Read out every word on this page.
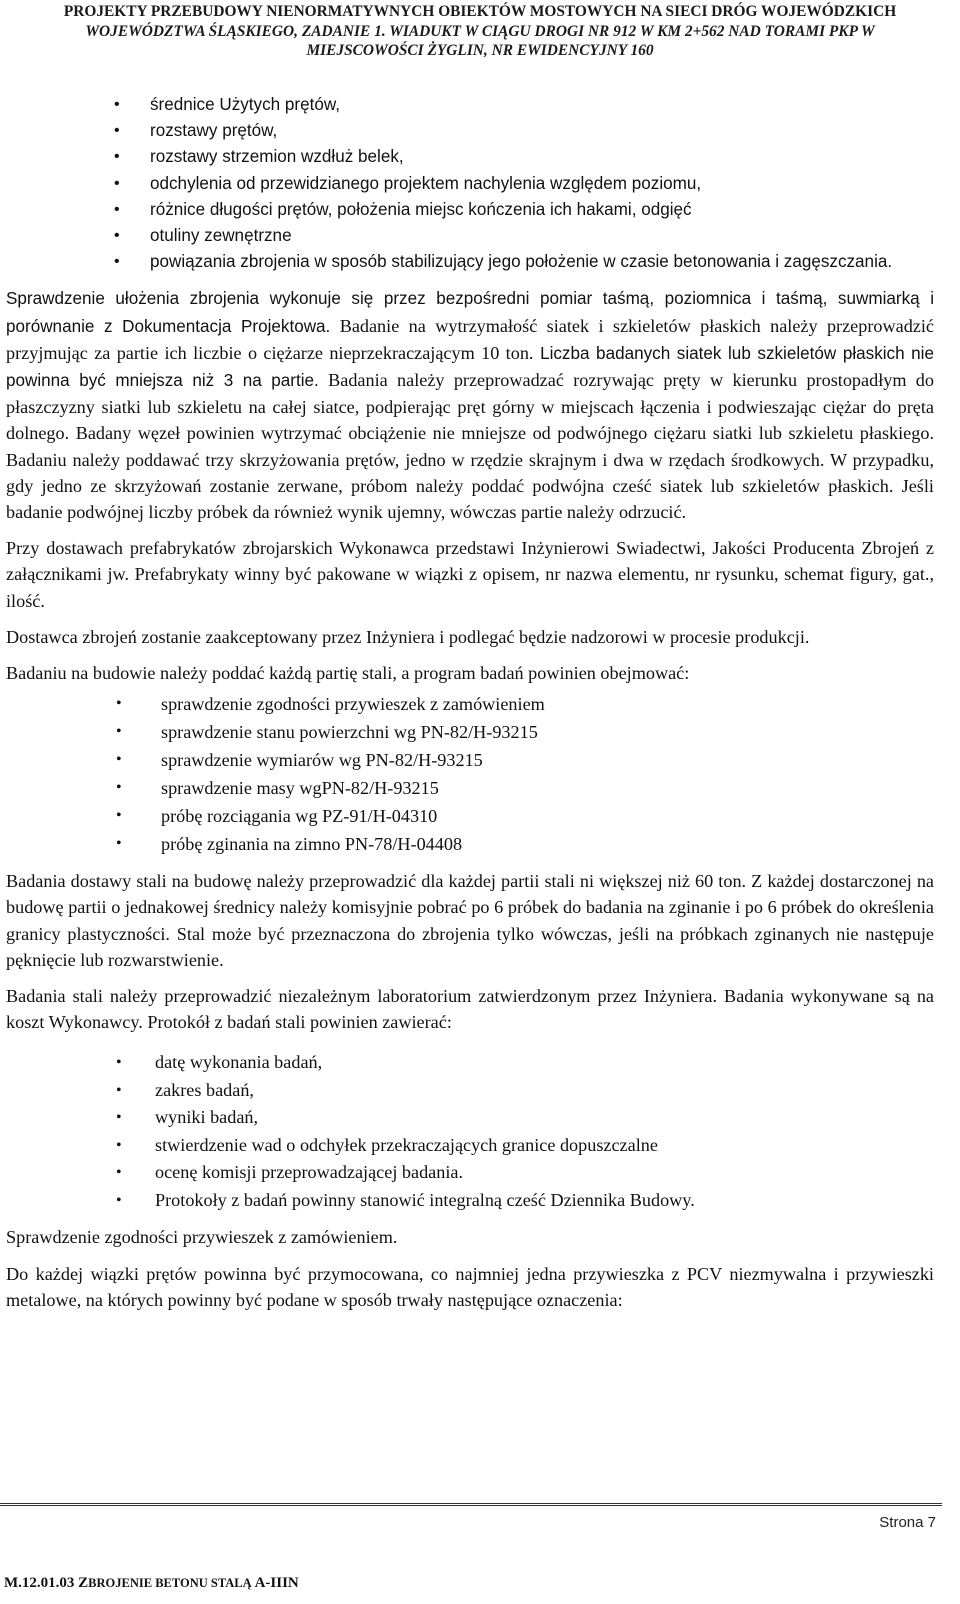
PROJEKTY PRZEBUDOWY NIENORMATYWNYCH OBIEKTÓW MOSTOWYCH NA SIECI DRÓG WOJEWÓDZKICH
WOJEWÓDZTWA ŚLĄSKIEGO, ZADANIE 1. WIADUKT W CIĄGU DROGI NR 912 W KM 2+562 NAD TORAMI PKP W
MIEJSCOWOŚCI ŻYGLIN, NR EWIDENCYJNY 160
• średnice Użytych prętów,
• rozstawy prętów,
• rozstawy strzemion wzdłuż belek,
• odchylenia od przewidzianego projektem nachylenia względem poziomu,
• różnice długości prętów, położenia miejsc kończenia ich hakami, odgięć
• otuliny zewnętrzne
• powiązania zbrojenia w sposób stabilizujący jego położenie w czasie betonowania i zagęszczania.

Sprawdzenie ułożenia zbrojenia wykonuje się przez bezpośredni pomiar taśmą, poziomnica i taśmą, suwmiarką i porównanie z Dokumentacja Projektowa. Badanie na wytrzymałość siatek i szkieletów płaskich należy przeprowadzić przyjmując za partie ich liczbie o ciężarze nieprzekraczającym 10 ton. Liczba badanych siatek lub szkieletów płaskich nie powinna być mniejsza niż 3 na partie. Badania należy przeprowadzać rozrywając pręty w kierunku prostopadłym do płaszczyzny siatki lub szkieletu na całej siatce, podpierając pręt górny w miejscach łączenia i podwieszając ciężar do pręta dolnego. Badany węzeł powinien wytrzymać obciążenie nie mniejsze od podwójnego ciężaru siatki lub szkieletu płaskiego. Badaniu należy poddawać trzy skrzyżowania prętów, jedno w rzędzie skrajnym i dwa w rzędach środkowych. W przypadku, gdy jedno ze skrzyżowań zostanie zerwane, próbom należy poddać podwójna cześć siatek lub szkieletów płaskich. Jeśli badanie podwójnej liczby próbek da również wynik ujemny, wówczas partie należy odrzucić.

Przy dostawach prefabrykatów zbrojarskich Wykonawca przedstawi Inżynierowi Swiadectwi, Jakości Producenta Zbrojeń z załącznikami jw. Prefabrykaty winny być pakowane w wiązki z opisem, nr nazwa elementu, nr rysunku, schemat figury, gat., ilość.

Dostawca zbrojeń zostanie zaakceptowany przez Inżyniera i podlegać będzie nadzorowi w procesie produkcji.

Badaniu na budowie należy poddać każdą partię stali, a program badań powinien obejmować:

• sprawdzenie zgodności przywieszek z zamówieniem
• sprawdzenie stanu powierzchni wg PN-82/H-93215
• sprawdzenie wymiarów wg PN-82/H-93215
• sprawdzenie masy wgPN-82/H-93215
• próbę rozciągania wg PZ-91/H-04310
• próbę zginania na zimno PN-78/H-04408

Badania dostawy stali na budowę należy przeprowadzić dla każdej partii stali ni większej niż 60 ton. Z każdej dostarczonej na budowę partii o jednakowej średnicy należy komisyjnie pobrać po 6 próbek do badania na zginanie i po 6 próbek do określenia granicy plastyczności. Stal może być przeznaczona do zbrojenia tylko wówczas, jeśli na próbkach zginanych nie następuje pęknięcie lub rozwarstwienie.

Badania stali należy przeprowadzić niezależnym laboratorium zatwierdzonym przez Inżyniera. Badania wykonywane są na koszt Wykonawcy. Protokół z badań stali powinien zawierać:

• datę wykonania badań,
• zakres badań,
• wyniki badań,
• stwierdzenie wad o odchyłek przekraczających granice dopuszczalne
• ocenę komisji przeprowadzającej badania.
• Protokoły z badań powinny stanowić integralną cześć Dziennika Budowy.

Sprawdzenie zgodności przywieszek z zamówieniem.

Do każdej wiązki prętów powinna być przymocowana, co najmniej jedna przywieszka z PCV niezmywalna i przywieszki metalowe, na których powinny być podane w sposób trwały następujące oznaczenia:

Strona 7
M.12.01.03 ZBROJENIE BETONU STALĄ A-IIIN
